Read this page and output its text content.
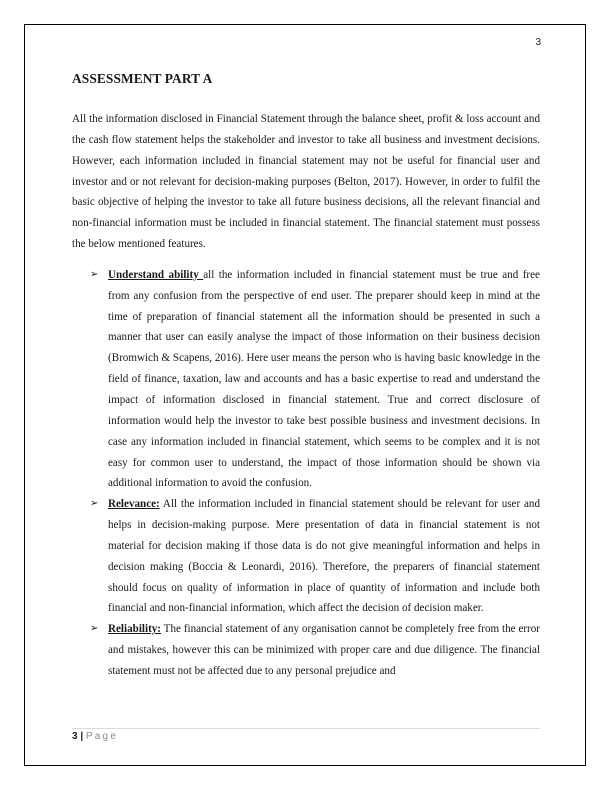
3
ASSESSMENT PART A

All the information disclosed in Financial Statement through the balance sheet, profit & loss account and the cash flow statement helps the stakeholder and investor to take all business and investment decisions. However, each information included in financial statement may not be useful for financial user and investor and or not relevant for decision-making purposes (Belton, 2017). However, in order to fulfil the basic objective of helping the investor to take all future business decisions, all the relevant financial and non-financial information must be included in financial statement. The financial statement must possess the below mentioned features.

➢ Understand ability all the information included in financial statement must be true and free from any confusion from the perspective of end user. The preparer should keep in mind at the time of preparation of financial statement all the information should be presented in such a manner that user can easily analyse the impact of those information on their business decision (Bromwich & Scapens, 2016). Here user means the person who is having basic knowledge in the field of finance, taxation, law and accounts and has a basic expertise to read and understand the impact of information disclosed in financial statement. True and correct disclosure of information would help the investor to take best possible business and investment decisions. In case any information included in financial statement, which seems to be complex and it is not easy for common user to understand, the impact of those information should be shown via additional information to avoid the confusion.
➢ Relevance: All the information included in financial statement should be relevant for user and helps in decision-making purpose. Mere presentation of data in financial statement is not material for decision making if those data is do not give meaningful information and helps in decision making (Boccia & Leonardi, 2016). Therefore, the preparers of financial statement should focus on quality of information in place of quantity of information and include both financial and non-financial information, which affect the decision of decision maker.
➢ Reliability: The financial statement of any organisation cannot be completely free from the error and mistakes, however this can be minimized with proper care and due diligence. The financial statement must not be affected due to any personal prejudice and
3 | Page
